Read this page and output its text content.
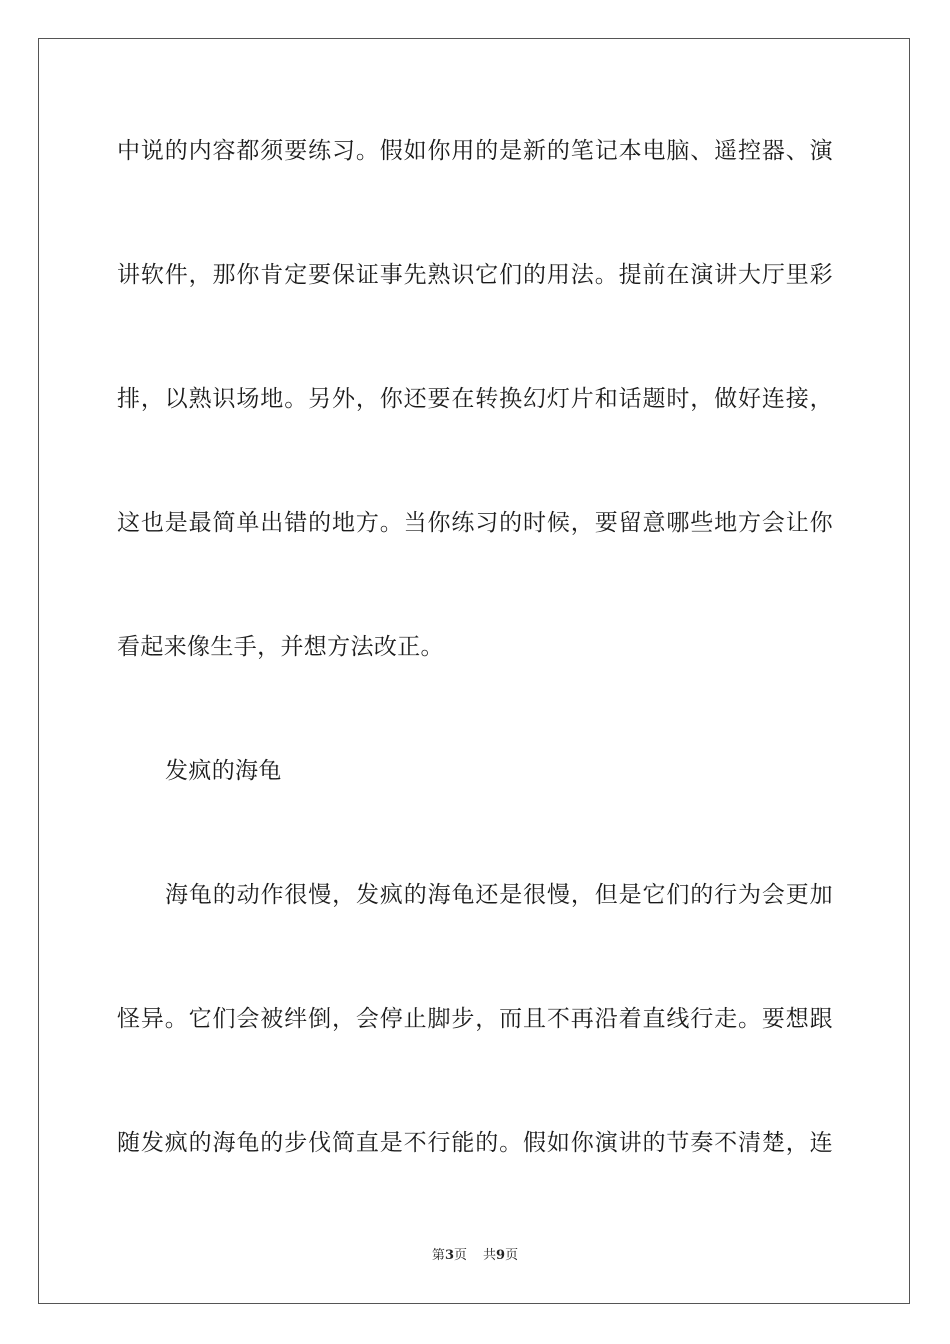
中说的内容都须要练习。假如你用的是新的笔记本电脑、遥控器、演
讲软件，那你肯定要保证事先熟识它们的用法。提前在演讲大厅里彩
排，以熟识场地。另外，你还要在转换幻灯片和话题时，做好连接，
这也是最简单出错的地方。当你练习的时候，要留意哪些地方会让你
看起来像生手，并想方法改正。
发疯的海龟
海龟的动作很慢，发疯的海龟还是很慢，但是它们的行为会更加
怪异。它们会被绊倒，会停止脚步，而且不再沿着直线行走。要想跟
随发疯的海龟的步伐简直是不行能的。假如你演讲的节奏不清楚，连
第3页 共9页
